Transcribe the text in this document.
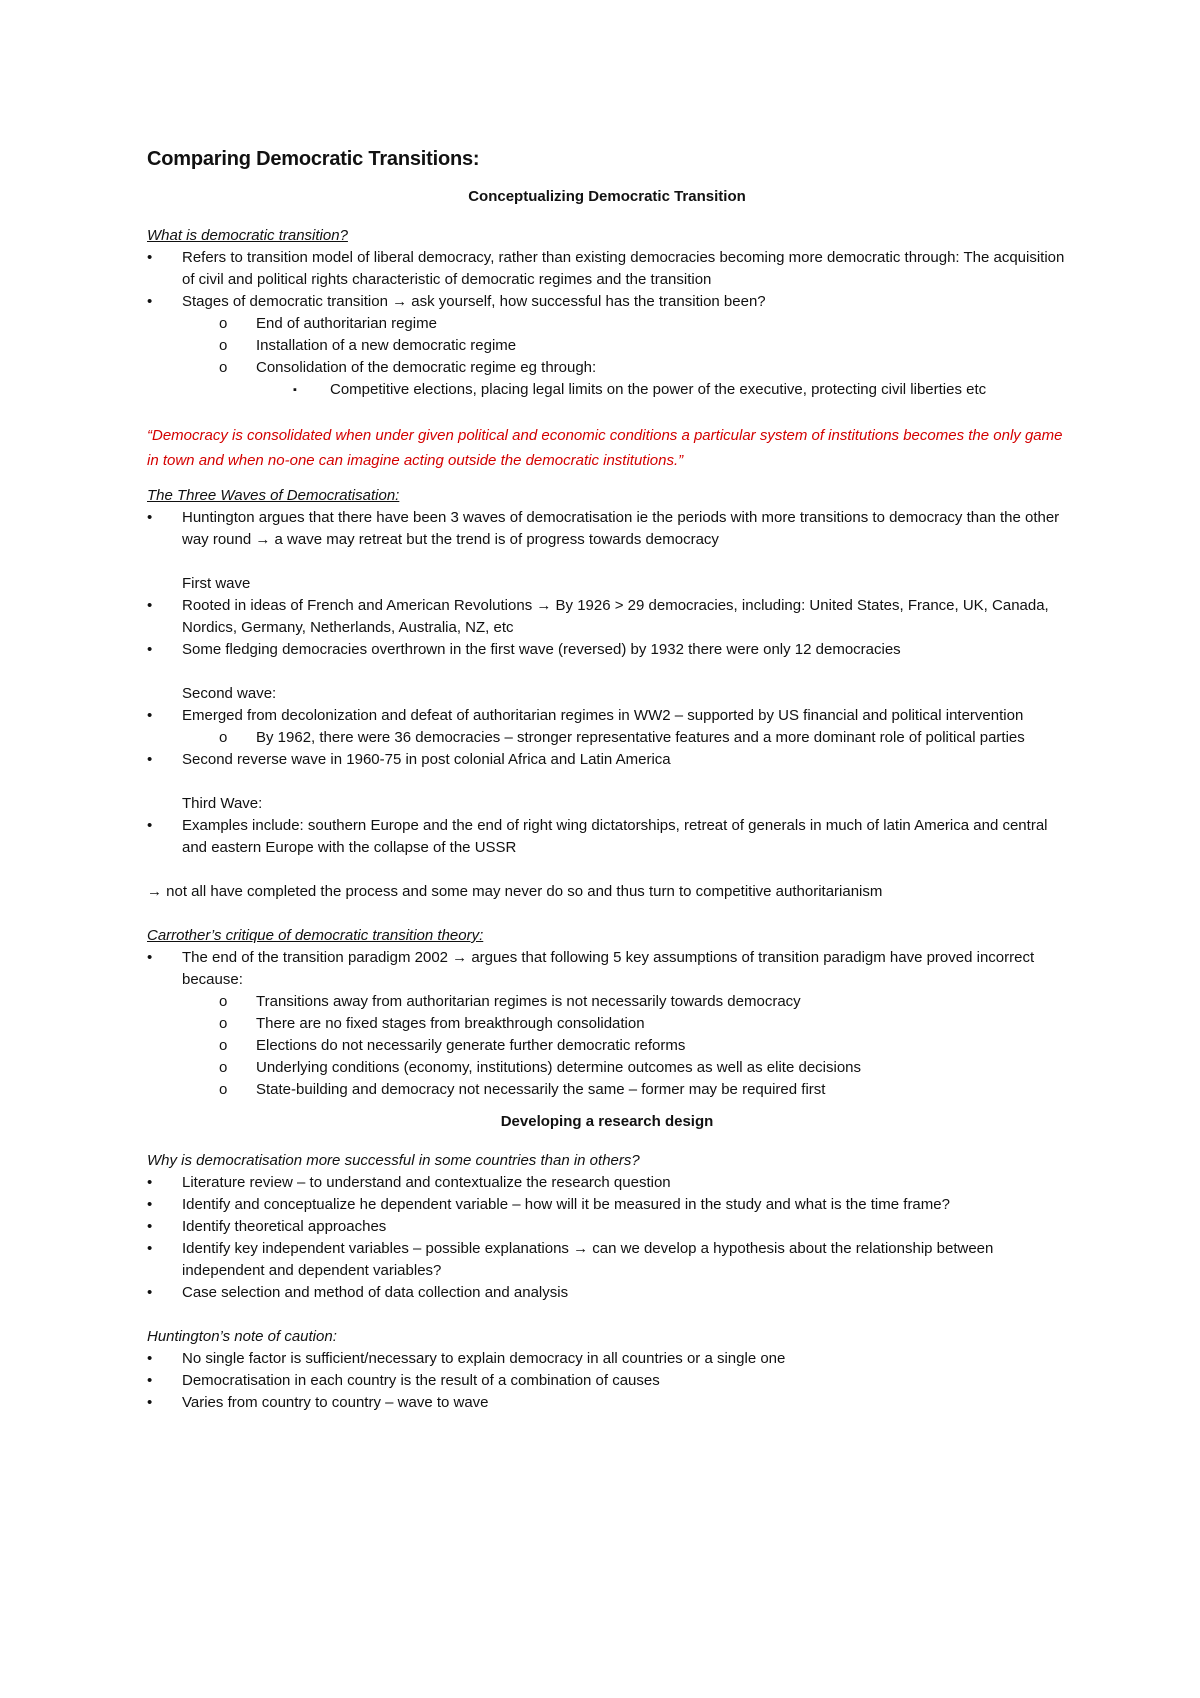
Comparing Democratic Transitions:
Conceptualizing Democratic Transition

What is democratic transition?

• Refers to transition model of liberal democracy, rather than existing democracies becoming more democratic through: The acquisition of civil and political rights characteristic of democratic regimes and the transition
• Stages of democratic transition → ask yourself, how successful has the transition been?
o End of authoritarian regime
o Installation of a new democratic regime
o Consolidation of the democratic regime eg through:
▪ Competitive elections, placing legal limits on the power of the executive, protecting civil liberties etc

“Democracy is consolidated when under given political and economic conditions a particular system of institutions becomes the only game in town and when no-one can imagine acting outside the democratic institutions.”

The Three Waves of Democratisation:

• Huntington argues that there have been 3 waves of democratisation ie the periods with more transitions to democracy than the other way round → a wave may retreat but the trend is of progress towards democracy

First wave

• Rooted in ideas of French and American Revolutions → By 1926 > 29 democracies, including: United States, France, UK, Canada, Nordics, Germany, Netherlands, Australia, NZ, etc
• Some fledging democracies overthrown in the first wave (reversed) by 1932 there were only 12 democracies

Second wave:

• Emerged from decolonization and defeat of authoritarian regimes in WW2 – supported by US financial and political intervention
o By 1962, there were 36 democracies – stronger representative features and a more dominant role of political parties
• Second reverse wave in 1960-75 in post colonial Africa and Latin America

Third Wave:

• Examples include: southern Europe and the end of right wing dictatorships, retreat of generals in much of latin America and central and eastern Europe with the collapse of the USSR

→ not all have completed the process and some may never do so and thus turn to competitive authoritarianism

Carrother’s critique of democratic transition theory:

• The end of the transition paradigm 2002 → argues that following 5 key assumptions of transition paradigm have proved incorrect because:
o Transitions away from authoritarian regimes is not necessarily towards democracy
o There are no fixed stages from breakthrough consolidation
o Elections do not necessarily generate further democratic reforms
o Underlying conditions (economy, institutions) determine outcomes as well as elite decisions
o State-building and democracy not necessarily the same – former may be required first
Developing a research design

Why is democratisation more successful in some countries than in others?

• Literature review – to understand and contextualize the research question
• Identify and conceptualize he dependent variable – how will it be measured in the study and what is the time frame?
• Identify theoretical approaches
• Identify key independent variables – possible explanations → can we develop a hypothesis about the relationship between independent and dependent variables?
• Case selection and method of data collection and analysis

Huntington’s note of caution:

• No single factor is sufficient/necessary to explain democracy in all countries or a single one
• Democratisation in each country is the result of a combination of causes
• Varies from country to country – wave to wave
